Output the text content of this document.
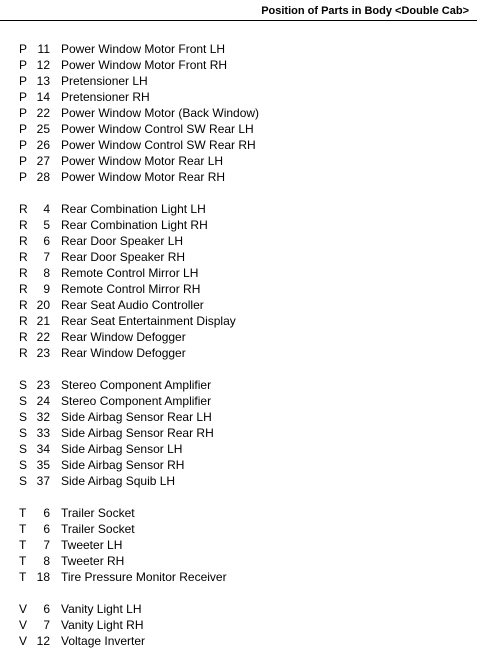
Position of Parts in Body <Double Cab>
P 11 Power Window Motor Front LH
P 12 Power Window Motor Front RH
P 13 Pretensioner LH
P 14 Pretensioner RH
P 22 Power Window Motor (Back Window)
P 25 Power Window Control SW Rear LH
P 26 Power Window Control SW Rear RH
P 27 Power Window Motor Rear LH
P 28 Power Window Motor Rear RH
R	4 Rear Combination Light LH
R	5 Rear Combination Light RH
R	6 Rear Door Speaker LH
R	7 Rear Door Speaker RH
R	8 Remote Control Mirror LH
R	9 Remote Control Mirror RH
R 20 Rear Seat Audio Controller
R 21 Rear Seat Entertainment Display
R 22 Rear Window Defogger
R 23 Rear Window Defogger
S 23 Stereo Component Amplifier
S 24 Stereo Component Amplifier
S 32 Side Airbag Sensor Rear LH
S 33 Side Airbag Sensor Rear RH
S 34 Side Airbag Sensor LH
S 35 Side Airbag Sensor RH
S 37 Side Airbag Squib LH
T	6 Trailer Socket
T	6 Trailer Socket
T	7 Tweeter LH
T	8 Tweeter RH
T 18 Tire Pressure Monitor Receiver
V	6 Vanity Light LH
V	7 Vanity Light RH
V 12 Voltage Inverter
